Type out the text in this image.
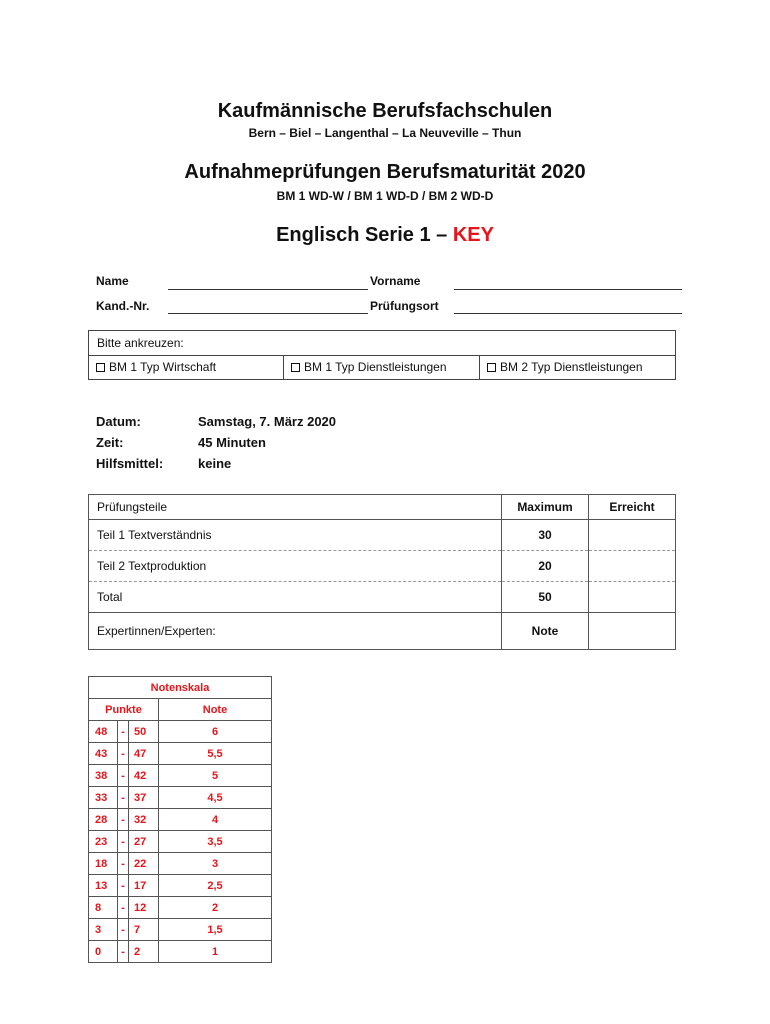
Kaufmännische Berufsfachschulen
Bern – Biel – Langenthal – La Neuveville – Thun
Aufnahmeprüfungen Berufsmaturität 2020
BM 1 WD-W / BM 1 WD-D / BM 2 WD-D
Englisch Serie 1 – KEY
Name	Vorname
Kand.-Nr.	Prüfungsort
Bitte ankreuzen:
BM 1 Typ Wirtschaft	BM 1 Typ Dienstleistungen	BM 2 Typ Dienstleistungen
Datum:	Samstag, 7. März 2020
Zeit:	45 Minuten
Hilfsmittel:	keine
Prüfungsteile	Maximum	Erreicht
Teil 1 Textverständnis	30	
Teil 2 Textproduktion	20	
Total	50	
Expertinnen/Experten:	Note	
Notenskala			
Punkte			Note
48	-	50	6
43	-	47	5,5
38	-	42	5
33	-	37	4,5
28	-	32	4
23	-	27	3,5
18	-	22	3
13	-	17	2,5
8	-	12	2
3	-	7	1,5
0	-	2	1
